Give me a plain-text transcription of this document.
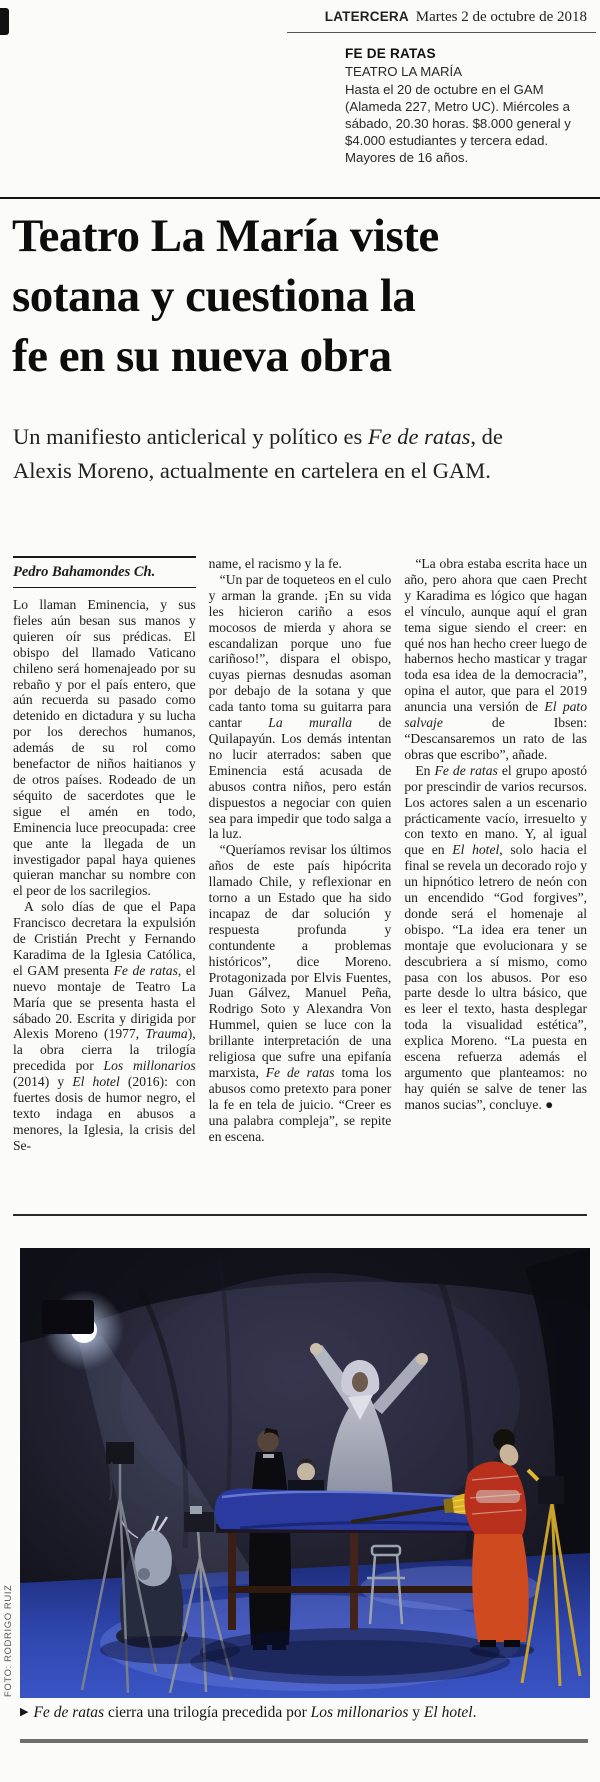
LATERCERA Martes 2 de octubre de 2018
FE DE RATAS
TEATRO LA MARÍA
Hasta el 20 de octubre en el GAM (Alameda 227, Metro UC). Miércoles a sábado, 20.30 horas. $8.000 general y $4.000 estudiantes y tercera edad. Mayores de 16 años.
Teatro La María viste
sotana y cuestiona la
fe en su nueva obra
Un manifiesto anticlerical y político es Fe de ratas, de
Alexis Moreno, actualmente en cartelera en el GAM.
Pedro Bahamondes Ch.

Lo llaman Eminencia, y sus fieles aún besan sus manos y quieren oír sus prédicas. El obispo del llamado Vaticano chileno será homenajeado por su rebaño y por el país entero, que aún recuerda su pasado como detenido en dictadura y su lucha por los derechos humanos, además de su rol como benefactor de niños haitianos y de otros países. Rodeado de un séquito de sacerdotes que le sigue el amén en todo, Eminencia luce preocupada: cree que ante la llegada de un investigador papal haya quienes quieran manchar su nombre con el peor de los sacrilegios.

A solo días de que el Papa Francisco decretara la expulsión de Cristián Precht y Fernando Karadima de la Iglesia Católica, el GAM presenta Fe de ratas, el nuevo montaje de Teatro La María que se presenta hasta el sábado 20. Escrita y dirigida por Alexis Moreno (1977, Trauma), la obra cierra la trilogía precedida por Los millonarios (2014) y El hotel (2016): con fuertes dosis de humor negro, el texto indaga en abusos a menores, la Iglesia, la crisis del Se-

name, el racismo y la fe.

“Un par de toqueteos en el culo y arman la grande. ¡En su vida les hicieron cariño a esos mocosos de mierda y ahora se escandalizan porque uno fue cariñoso!”, dispara el obispo, cuyas piernas desnudas asoman por debajo de la sotana y que cada tanto toma su guitarra para cantar La muralla de Quilapayún. Los demás intentan no lucir aterrados: saben que Eminencia está acusada de abusos contra niños, pero están dispuestos a negociar con quien sea para impedir que todo salga a la luz.

“Queríamos revisar los últimos años de este país hipócrita llamado Chile, y reflexionar en torno a un Estado que ha sido incapaz de dar solución y respuesta profunda y contundente a problemas históricos”, dice Moreno. Protagonizada por Elvis Fuentes, Juan Gálvez, Manuel Peña, Rodrigo Soto y Alexandra Von Hummel, quien se luce con la brillante interpretación de una religiosa que sufre una epifanía marxista, Fe de ratas toma los abusos como pretexto para poner la fe en tela de juicio. “Creer es una palabra compleja”, se repite en escena.

“La obra estaba escrita hace un año, pero ahora que caen Precht y Karadima es lógico que hagan el vínculo, aunque aquí el gran tema sigue siendo el creer: en qué nos han hecho creer luego de habernos hecho masticar y tragar toda esa idea de la democracia”, opina el autor, que para el 2019 anuncia una versión de El pato salvaje de Ibsen: “Descansaremos un rato de las obras que escribo”, añade.

En Fe de ratas el grupo apostó por prescindir de varios recursos. Los actores salen a un escenario prácticamente vacío, irresuelto y con texto en mano. Y, al igual que en El hotel, solo hacia el final se revela un decorado rojo y un hipnótico letrero de neón con un encendido “God forgives”, donde será el homenaje al obispo. “La idea era tener un montaje que evolucionara y se descubriera a sí mismo, como pasa con los abusos. Por eso parte desde lo ultra básico, que es leer el texto, hasta desplegar toda la visualidad estética”, explica Moreno. “La puesta en escena refuerza además el argumento que planteamos: no hay quién se salve de tener las manos sucias”, concluye. ●

FOTO: RODRIGO RUIZ
▶ Fe de ratas cierra una trilogía precedida por Los millonarios y El hotel.
